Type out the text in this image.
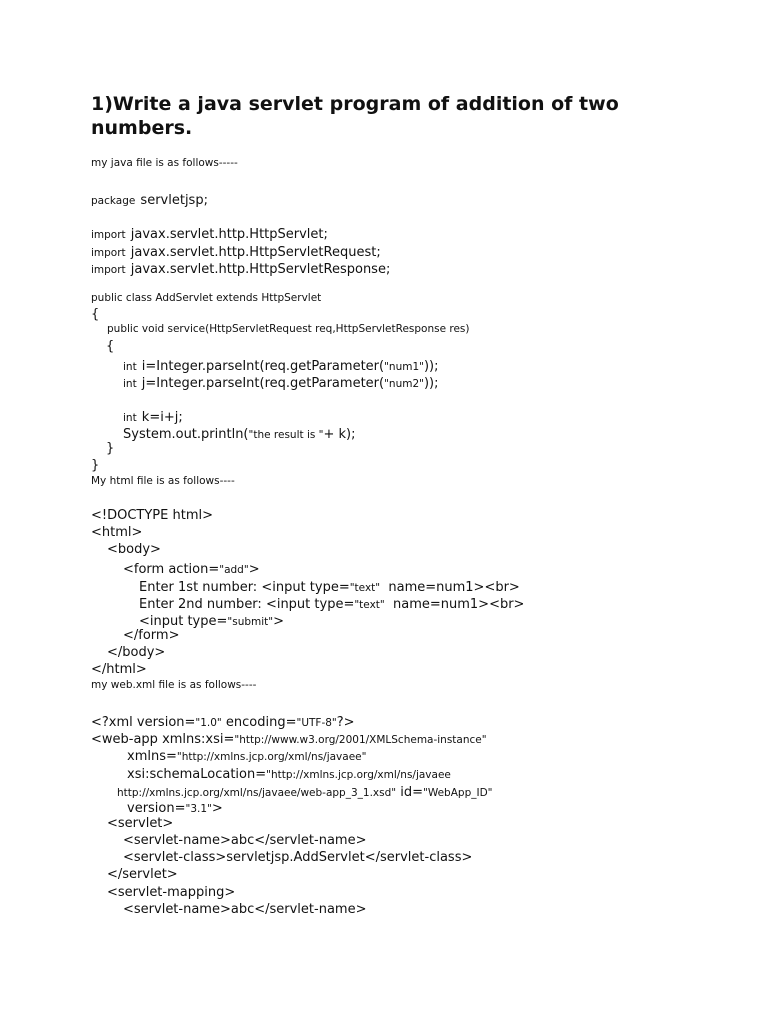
1)Write a java servlet program of addition of two numbers.
my java file is as follows-----
package servletjsp;
import javax.servlet.http.HttpServlet;
import javax.servlet.http.HttpServletRequest;
import javax.servlet.http.HttpServletResponse;
public class AddServlet extends HttpServlet
{
public void service(HttpServletRequest req,HttpServletResponse res)
{
int i=Integer.parseInt(req.getParameter("num1"));
int j=Integer.parseInt(req.getParameter("num2"));
int k=i+j;
System.out.println("the result is "+ k);
}
}
My html file is as follows----
<!DOCTYPE html>
<html>
<body>
<form action="add">
Enter 1st number: <input type="text"  name=num1><br>
Enter 2nd number: <input type="text"  name=num1><br>
<input type="submit">
</form>
</body>
</html>
my web.xml file is as follows----
<?xml version="1.0" encoding="UTF-8"?>
<web-app xmlns:xsi="http://www.w3.org/2001/XMLSchema-instance"
xmlns="http://xmlns.jcp.org/xml/ns/javaee"
xsi:schemaLocation="http://xmlns.jcp.org/xml/ns/javaee
http://xmlns.jcp.org/xml/ns/javaee/web-app_3_1.xsd" id="WebApp_ID"
version="3.1">
<servlet>
<servlet-name>abc</servlet-name>
<servlet-class>servletjsp.AddServlet</servlet-class>
</servlet>
<servlet-mapping>
<servlet-name>abc</servlet-name>
